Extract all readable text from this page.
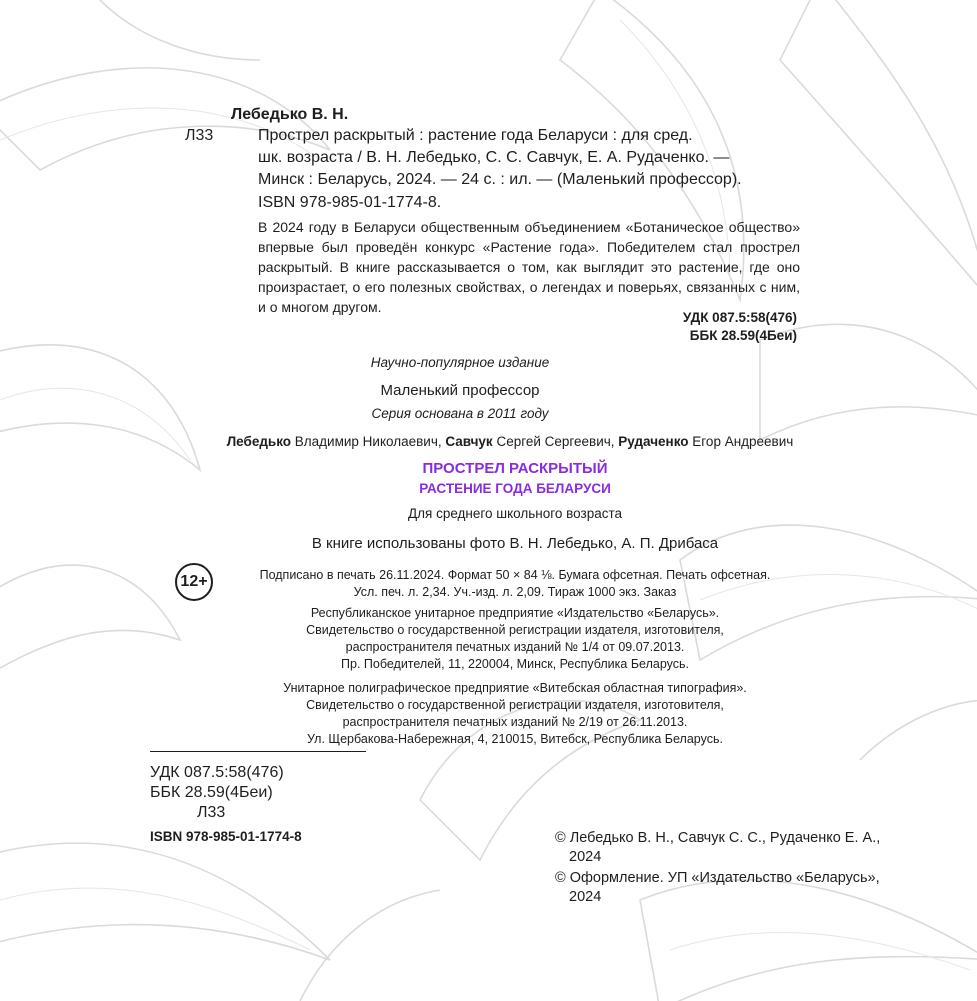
Лебедько В. Н.
Л33	Прострел раскрытый : растение года Беларуси : для сред.
шк. возраста / В. Н. Лебедько, С. С. Савчук, Е. А. Рудаченко. —
Минск : Беларусь, 2024. — 24 с. : ил. — (Маленький профессор).
ISBN 978-985-01-1774-8.
В 2024 году в Беларуси общественным объединением «Ботаническое общество» впервые был проведён конкурс «Растение года». Победителем стал прострел раскрытый. В книге рассказывается о том, как выглядит это растение, где оно произрастает, о его полезных свойствах, о легендах и поверьях, связанных с ним, и о многом другом.
УДК 087.5:58(476)
ББК 28.59(4Беи)
Научно-популярное издание
Маленький профессор
Серия основана в 2011 году
Лебедько Владимир Николаевич, Савчук Сергей Сергеевич, Рудаченко Егор Андреевич
ПРОСТРЕЛ РАСКРЫТЫЙ
РАСТЕНИЕ ГОДА БЕЛАРУСИ
Для среднего школьного возраста
В книге использованы фото В. Н. Лебедько, А. П. Дрибаса
12+	Подписано в печать 26.11.2024. Формат 50 × 84 ⅛. Бумага офсетная. Печать офсетная.
Усл. печ. л. 2,34. Уч.-изд. л. 2,09. Тираж 1000 экз. Заказ
Республиканское унитарное предприятие «Издательство «Беларусь».
Свидетельство о государственной регистрации издателя, изготовителя,
распространителя печатных изданий № 1/4 от 09.07.2013.
Пр. Победителей, 11, 220004, Минск, Республика Беларусь.
Унитарное полиграфическое предприятие «Витебская областная типография».
Свидетельство о государственной регистрации издателя, изготовителя,
распространителя печатных изданий № 2/19 от 26.11.2013.
Ул. Щербакова-Набережная, 4, 210015, Витебск, Республика Беларусь.
УДК 087.5:58(476)
ББК 28.59(4Беи)
Л33
ISBN 978-985-01-1774-8	© Лебедько В. Н., Савчук С. С., Рудаченко Е. А.,
2024
© Оформление. УП «Издательство «Беларусь»,
2024
